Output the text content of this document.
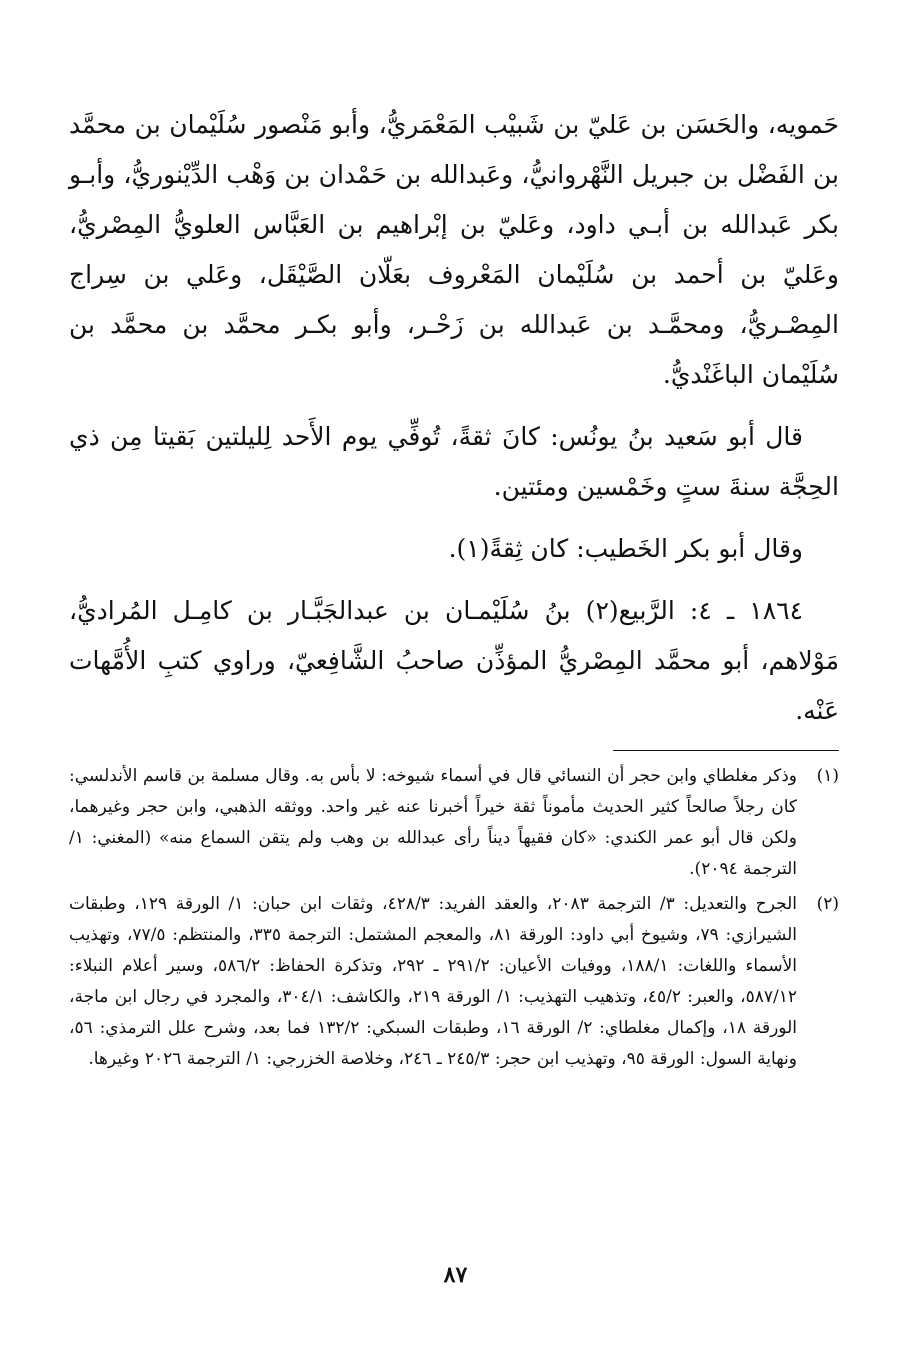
حَمويه، والحَسَن بن عَليّ بن شَبيْب المَعْمَريُّ، وأبو مَنْصور سُلَيْمان بن محمَّد بن الفَضْل بن جبريل النَّهْروانيُّ، وعَبدالله بن حَمْدان بن وَهْب الدِّيْنوريُّ، وأبـو بكر عَبدالله بن أبـي داود، وعَليّ بن إبْراهيم بن العَبَّاس العلويُّ المِصْريُّ، وعَليّ بن أحمد بن سُلَيْمان المَعْروف بعَلّان الصَّيْقَل، وعَلي بن سِراج المِصْـريُّ، ومحمَّـد بن عَبدالله بن زَحْـر، وأبو بكـر محمَّد بن محمَّد بن سُلَيْمان الباغَنْديُّ.

قال أبو سَعيد بنُ يونُس: كانَ ثقةً، تُوفِّي يوم الأَحد لِليلتين بَقيتا مِن ذي الحِجَّة سنةَ ستٍ وخَمْسين ومئتين.

وقال أبو بكر الخَطيب: كان ثِقةً(١).

١٨٦٤ ـ ٤: الرَّبيع(٢) بنُ سُلَيْمـان بن عبدالجَبَّـار بن كامِـل المُراديُّ، مَوْلاهم، أبو محمَّد المِصْريُّ المؤذِّن صاحبُ الشَّافِعيّ، وراوي كتبِ الأُمَّهات عَنْه.

(١)
وذكر مغلطاي وابن حجر أن النسائي قال في أسماء شيوخه: لا بأس به. وقال مسلمة بن قاسم الأندلسي: كان رجلاً صالحاً كثير الحديث مأموناً ثقة خيراً أخبرنا عنه غير واحد. ووثقه الذهبي، وابن حجر وغيرهما، ولكن قال أبو عمر الكندي: «كان فقيهاً ديناً رأى عبدالله بن وهب ولم يتقن السماع منه» (المغني: ١/ الترجمة ٢٠٩٤).
(٢)
الجرح والتعديل: ٣/ الترجمة ٢٠٨٣، والعقد الفريد: ٤٢٨/٣، وثقات ابن حبان: ١/ الورقة ١٢٩، وطبقات الشيرازي: ٧٩، وشيوخ أبي داود: الورقة ٨١، والمعجم المشتمل: الترجمة ٣٣٥، والمنتظم: ٧٧/٥، وتهذيب الأسماء واللغات: ١٨٨/١، ووفيات الأعيان: ٢٩١/٢ ـ ٢٩٢، وتذكرة الحفاظ: ٥٨٦/٢، وسير أعلام النبلاء: ٥٨٧/١٢، والعبر: ٤٥/٢، وتذهيب التهذيب: ١/ الورقة ٢١٩، والكاشف: ٣٠٤/١، والمجرد في رجال ابن ماجة، الورقة ١٨، وإكمال مغلطاي: ٢/ الورقة ١٦، وطبقات السبكي: ١٣٢/٢ فما بعد، وشرح علل الترمذي: ٥٦، ونهاية السول: الورقة ٩٥، وتهذيب ابن حجر: ٢٤٥/٣ ـ ٢٤٦، وخلاصة الخزرجي: ١/ الترجمة ٢٠٢٦ وغيرها.
٨٧
